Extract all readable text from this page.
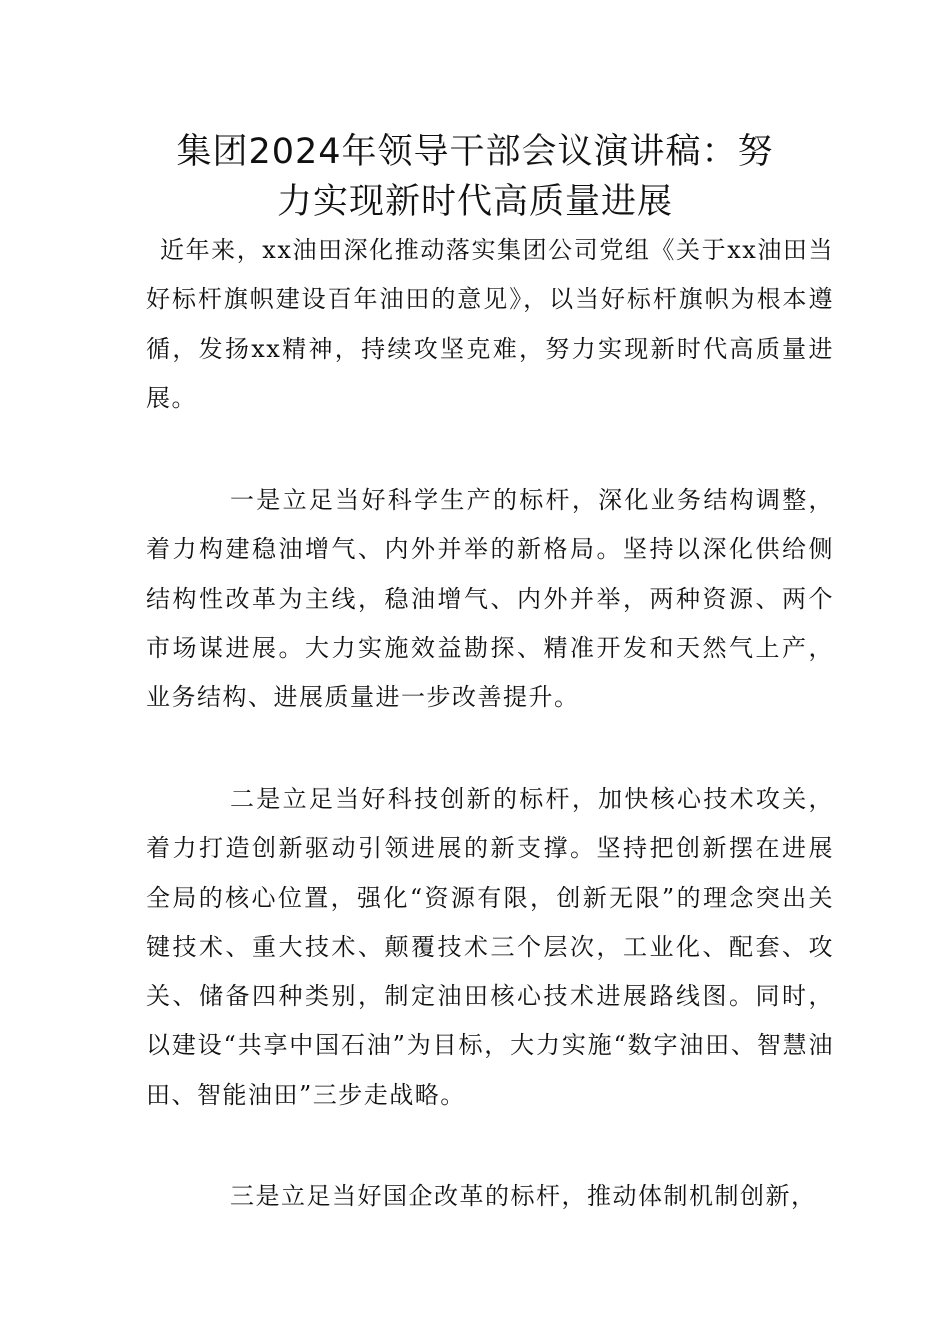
集团2024年领导干部会议演讲稿：努
力实现新时代高质量进展

近年来，xx油田深化推动落实集团公司党组《关于xx油田当好标杆旗帜建设百年油田的意见》，以当好标杆旗帜为根本遵循，发扬xx精神，持续攻坚克难，努力实现新时代高质量进展。

一是立足当好科学生产的标杆，深化业务结构调整，着力构建稳油增气、内外并举的新格局。坚持以深化供给侧结构性改革为主线，稳油增气、内外并举，两种资源、两个市场谋进展。大力实施效益勘探、精准开发和天然气上产，业务结构、进展质量进一步改善提升。

二是立足当好科技创新的标杆，加快核心技术攻关，着力打造创新驱动引领进展的新支撑。坚持把创新摆在进展全局的核心位置，强化“资源有限，创新无限”的理念突出关键技术、重大技术、颠覆技术三个层次，工业化、配套、攻关、储备四种类别，制定油田核心技术进展路线图。同时，以建设“共享中国石油”为目标，大力实施“数字油田、智慧油田、智能油田”三步走战略。

三是立足当好国企改革的标杆，推动体制机制创新，
